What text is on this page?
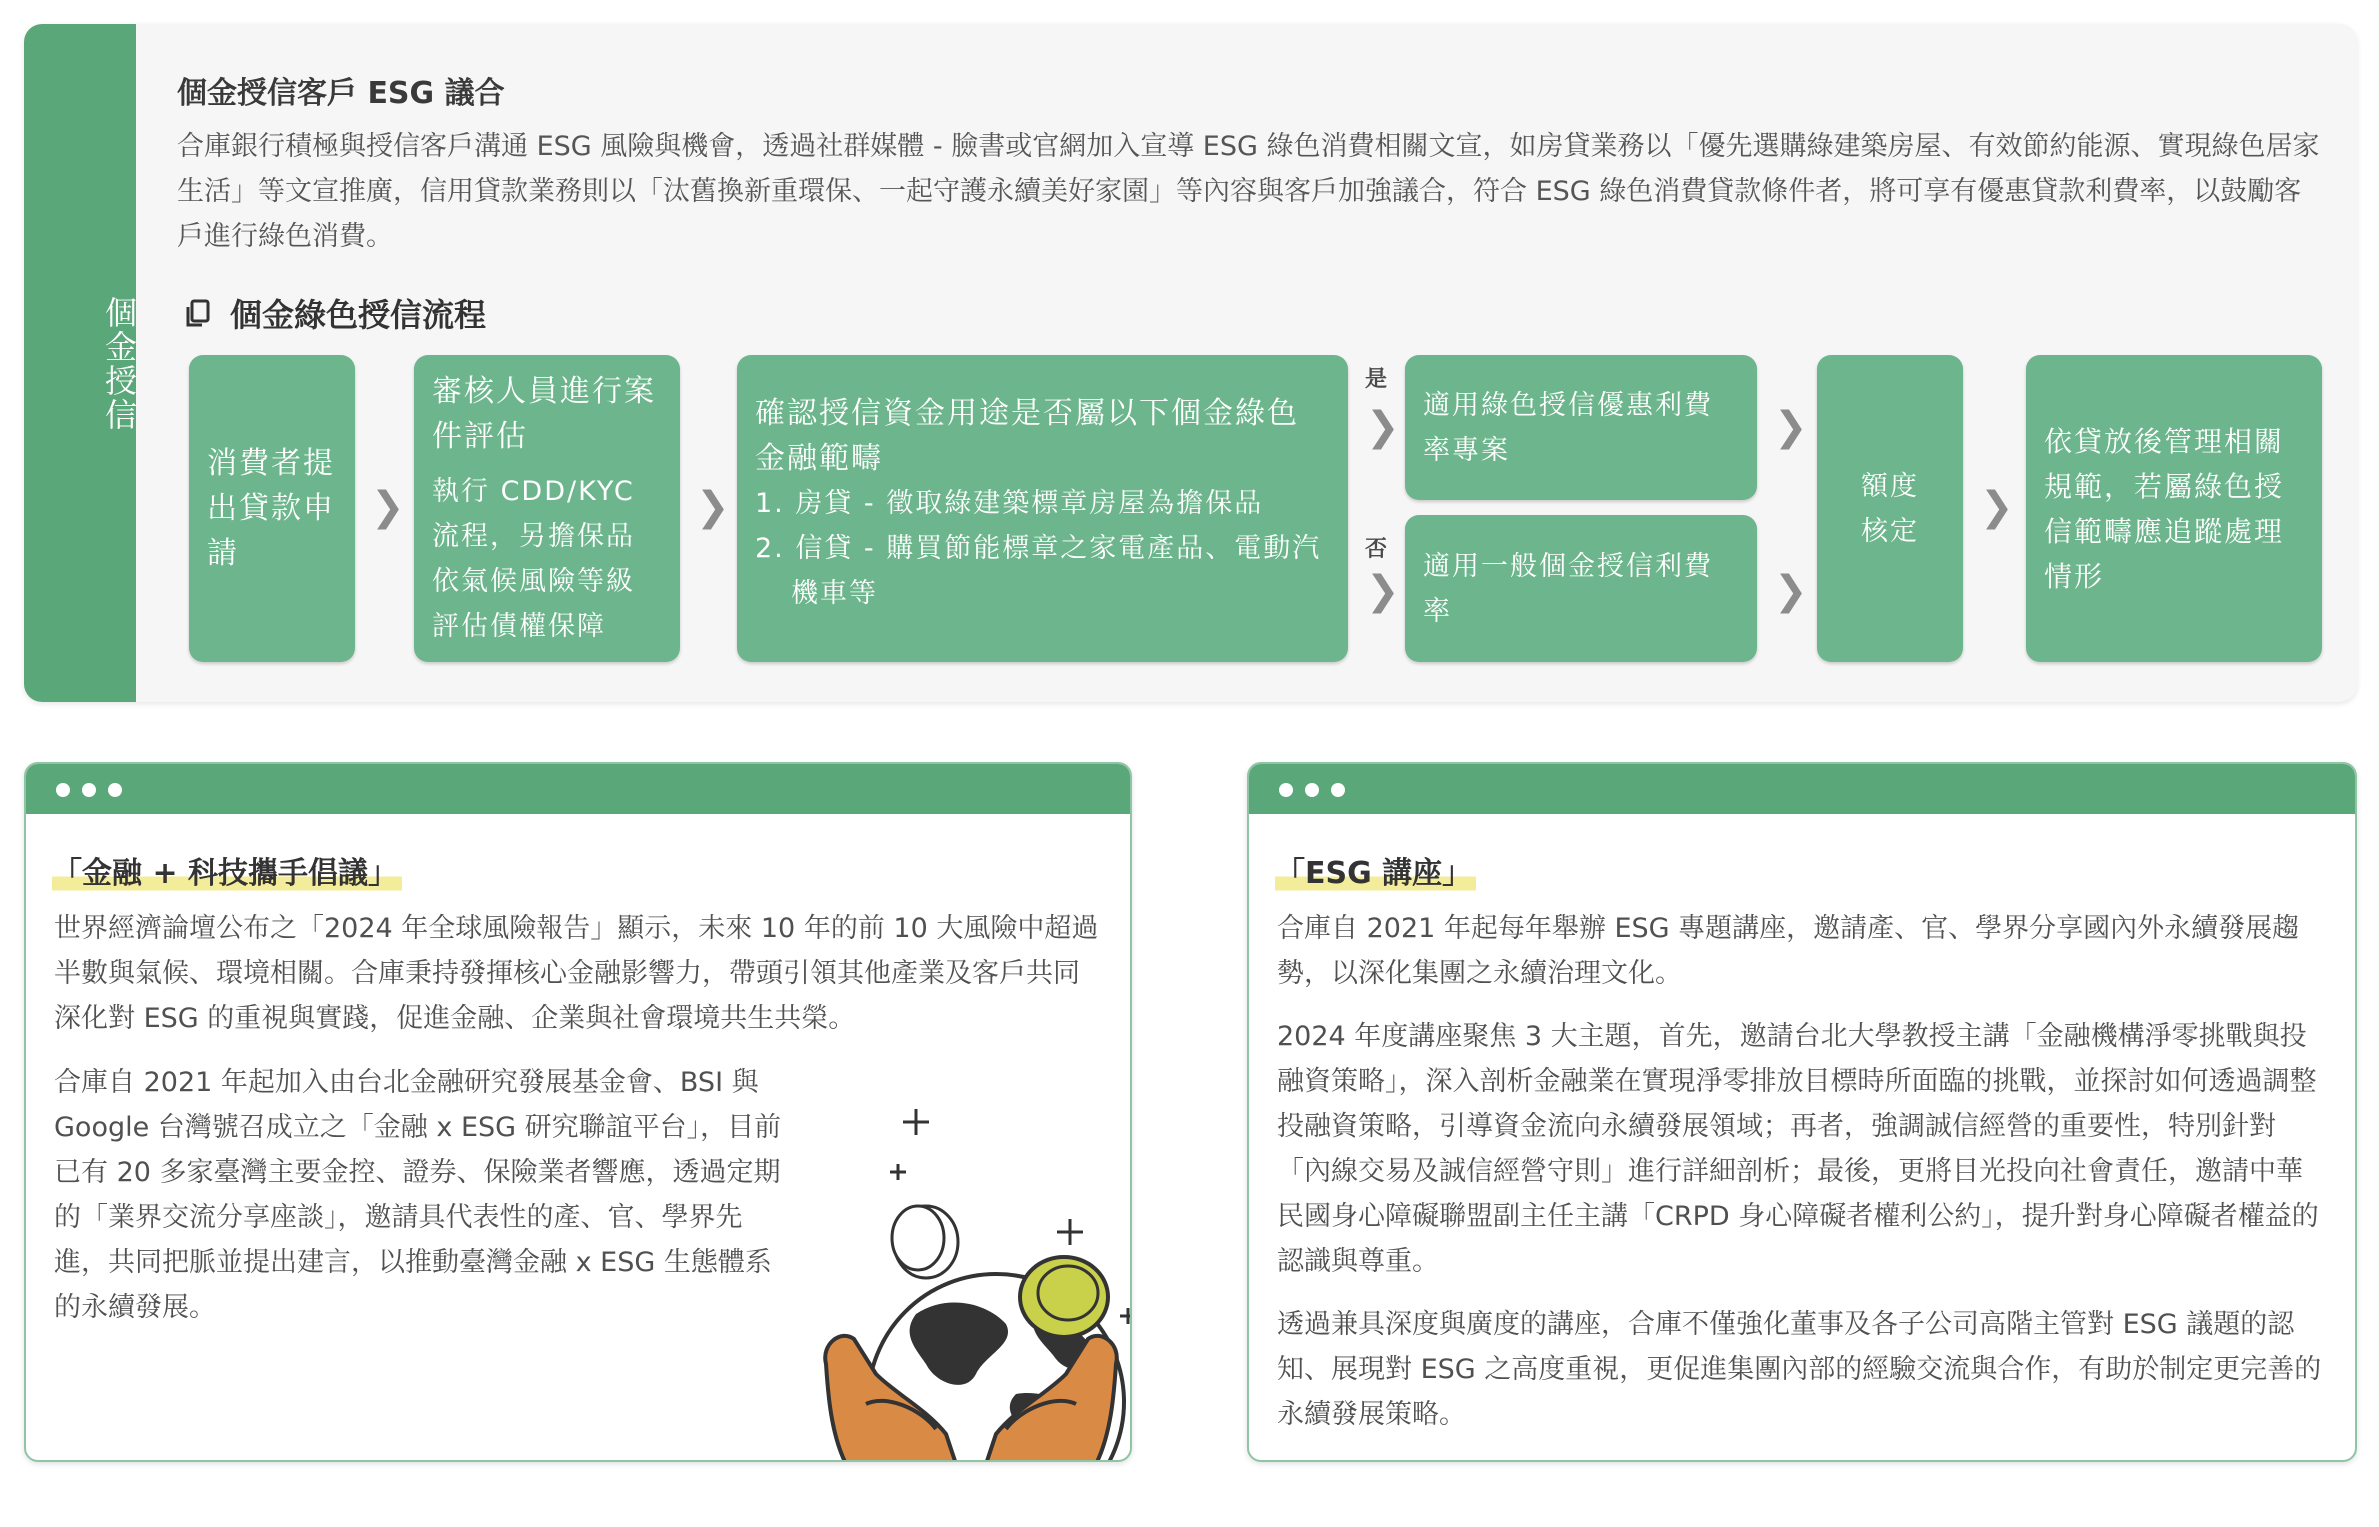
個金授信
個金授信客戶 ESG 議合

合庫銀行積極與授信客戶溝通 ESG 風險與機會，透過社群媒體 - 臉書或官網加入宣導 ESG 綠色消費相關文宣，如房貸業務以「優先選購綠建築房屋、有效節約能源、實現綠色居家生活」等文宣推廣，信用貸款業務則以「汰舊換新重環保、一起守護永續美好家園」等內容與客戶加強議合，符合 ESG 綠色消費貸款條件者，將可享有優惠貸款利費率，以鼓勵客戶進行綠色消費。

個金綠色授信流程
消費者提出貸款申請
❯
審核人員進行案件評估
執行 CDD/KYC 流程，另擔保品依氣候風險等級評估債權保障
❯
確認授信資金用途是否屬以下個金綠色金融範疇
1. 房貸 - 徵取綠建築標章房屋為擔保品
2. 信貸 - 購買節能標章之家電產品、電動汽機車等
是
❯
否
❯
適用綠色授信優惠利費率專案
適用一般個金授信利費率
❯
❯
額度核定
❯
依貸放後管理相關規範，若屬綠色授信範疇應追蹤處理情形
「金融 + 科技攜手倡議」

世界經濟論壇公布之「2024 年全球風險報告」顯示，未來 10 年的前 10 大風險中超過半數與氣候、環境相關。合庫秉持發揮核心金融影響力，帶頭引領其他產業及客戶共同深化對 ESG 的重視與實踐，促進金融、企業與社會環境共生共榮。

合庫自 2021 年起加入由台北金融研究發展基金會、BSI 與 Google 台灣號召成立之「金融 x ESG 研究聯誼平台」，目前已有 20 多家臺灣主要金控、證券、保險業者響應，透過定期的「業界交流分享座談」，邀請具代表性的產、官、學界先進，共同把脈並提出建言，以推動臺灣金融 x ESG 生態體系的永續發展。

「ESG 講座」

合庫自 2021 年起每年舉辦 ESG 專題講座，邀請產、官、學界分享國內外永續發展趨勢，以深化集團之永續治理文化。

2024 年度講座聚焦 3 大主題，首先，邀請台北大學教授主講「金融機構淨零挑戰與投融資策略」，深入剖析金融業在實現淨零排放目標時所面臨的挑戰，並探討如何透過調整投融資策略，引導資金流向永續發展領域；再者，強調誠信經營的重要性，特別針對「內線交易及誠信經營守則」進行詳細剖析；最後，更將目光投向社會責任，邀請中華民國身心障礙聯盟副主任主講「CRPD 身心障礙者權利公約」，提升對身心障礙者權益的認識與尊重。

透過兼具深度與廣度的講座，合庫不僅強化董事及各子公司高階主管對 ESG 議題的認知、展現對 ESG 之高度重視，更促進集團內部的經驗交流與合作，有助於制定更完善的永續發展策略。
